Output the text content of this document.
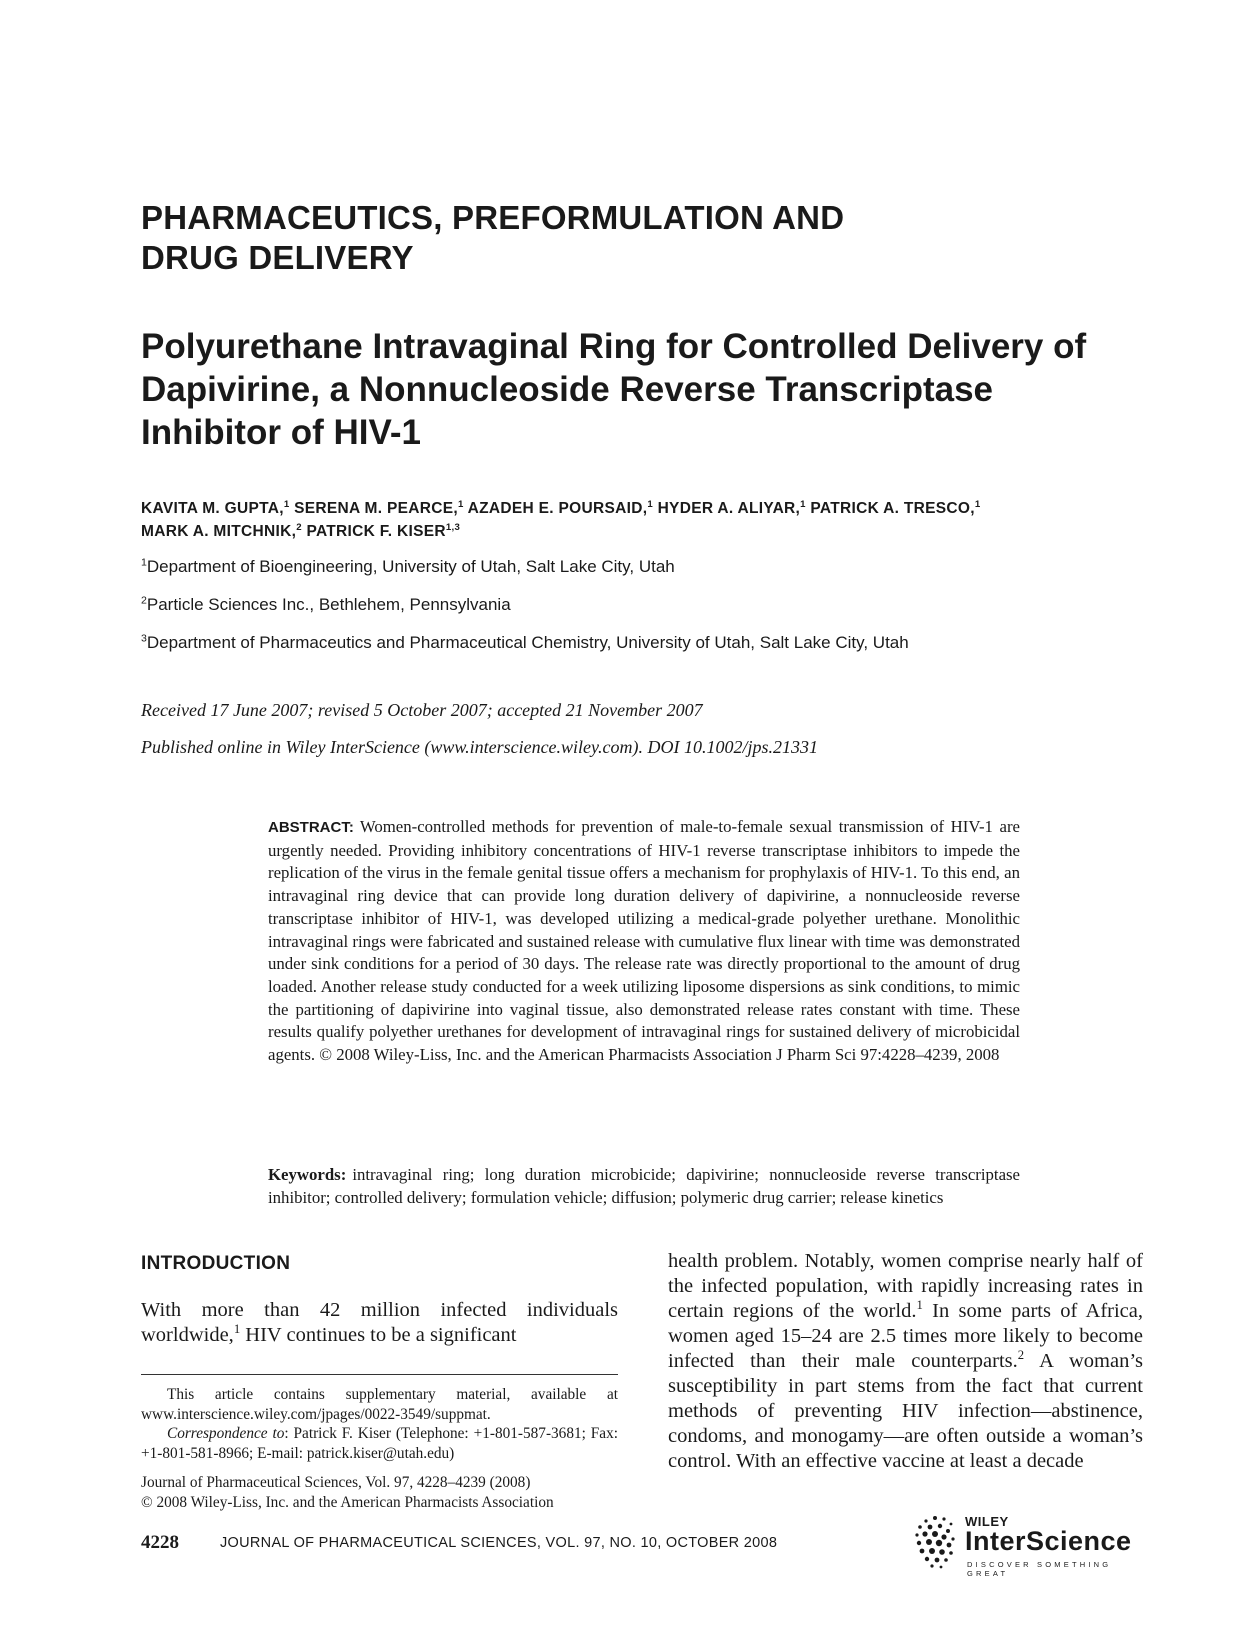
PHARMACEUTICS, PREFORMULATION AND
DRUG DELIVERY
Polyurethane Intravaginal Ring for Controlled Delivery of
Dapivirine, a Nonnucleoside Reverse Transcriptase
Inhibitor of HIV-1
KAVITA M. GUPTA,$^1$ SERENA M. PEARCE,$^1$ AZADEH E. POURSAID,$^1$ HYDER A. ALIYAR,$^1$ PATRICK A. TRESCO,$^1$
MARK A. MITCHNIK,$^2$ PATRICK F. KISER$^{1,3}$
$^1$Department of Bioengineering, University of Utah, Salt Lake City, Utah
$^2$Particle Sciences Inc., Bethlehem, Pennsylvania
$^3$Department of Pharmaceutics and Pharmaceutical Chemistry, University of Utah, Salt Lake City, Utah
Received 17 June 2007; revised 5 October 2007; accepted 21 November 2007
Published online in Wiley InterScience (www.interscience.wiley.com). DOI 10.1002/jps.21331
ABSTRACT: Women-controlled methods for prevention of male-to-female sexual transmission of HIV-1 are urgently needed. Providing inhibitory concentrations of HIV-1 reverse transcriptase inhibitors to impede the replication of the virus in the female genital tissue offers a mechanism for prophylaxis of HIV-1. To this end, an intravaginal ring device that can provide long duration delivery of dapivirine, a nonnucleoside reverse transcriptase inhibitor of HIV-1, was developed utilizing a medical-grade polyether urethane. Monolithic intravaginal rings were fabricated and sustained release with cumulative flux linear with time was demonstrated under sink conditions for a period of 30 days. The release rate was directly proportional to the amount of drug loaded. Another release study conducted for a week utilizing liposome dispersions as sink conditions, to mimic the partitioning of dapivirine into vaginal tissue, also demonstrated release rates constant with time. These results qualify polyether urethanes for development of intravaginal rings for sustained delivery of microbicidal agents. © 2008 Wiley-Liss, Inc. and the American Pharmacists Association J Pharm Sci 97:4228–4239, 2008
Keywords: intravaginal ring; long duration microbicide; dapivirine; nonnucleoside reverse transcriptase inhibitor; controlled delivery; formulation vehicle; diffusion; polymeric drug carrier; release kinetics
INTRODUCTION
With more than 42 million infected individuals worldwide,$^1$ HIV continues to be a significant

This article contains supplementary material, available at www.interscience.wiley.com/jpages/0022-3549/suppmat.

Correspondence to: Patrick F. Kiser (Telephone: +1-801-587-3681; Fax: +1-801-581-8966; E-mail: patrick.kiser@utah.edu)

Journal of Pharmaceutical Sciences, Vol. 97, 4228–4239 (2008)

© 2008 Wiley-Liss, Inc. and the American Pharmacists Association

health problem. Notably, women comprise nearly half of the infected population, with rapidly increasing rates in certain regions of the world.$^1$ In some parts of Africa, women aged 15–24 are 2.5 times more likely to become infected than their male counterparts.$^2$ A woman’s susceptibility in part stems from the fact that current methods of preventing HIV infection—abstinence, condoms, and monogamy—are often outside a woman’s control. With an effective vaccine at least a decade
4228	JOURNAL OF PHARMACEUTICAL SCIENCES, VOL. 97, NO. 10, OCTOBER 2008
WILEY
InterScience
DISCOVER SOMETHING GREAT
